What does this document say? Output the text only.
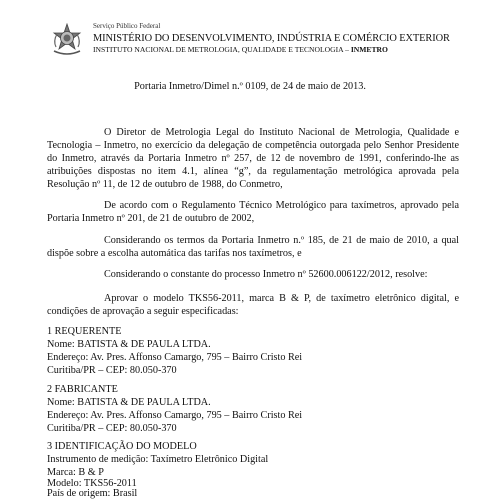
Serviço Público Federal
MINISTÉRIO DO DESENVOLVIMENTO, INDÚSTRIA E COMÉRCIO EXTERIOR
INSTITUTO NACIONAL DE METROLOGIA, QUALIDADE E TECNOLOGIA – INMETRO
Portaria Inmetro/Dimel n.º 0109, de 24 de maio de 2013.

O Diretor de Metrologia Legal do Instituto Nacional de Metrologia, Qualidade e Tecnologia – Inmetro, no exercício da delegação de competência outorgada pelo Senhor Presidente do Inmetro, através da Portaria Inmetro nº 257, de 12 de novembro de 1991, conferindo-lhe as atribuições dispostas no item 4.1, alínea “g”, da regulamentação metrológica aprovada pela Resolução nº 11, de 12 de outubro de 1988, do Conmetro,

De acordo com o Regulamento Técnico Metrológico para taxímetros, aprovado pela Portaria Inmetro nº 201, de 21 de outubro de 2002,

Considerando os termos da Portaria Inmetro n.º 185, de 21 de maio de 2010, a qual dispõe sobre a escolha automática das tarifas nos taxímetros, e

Considerando o constante do processo Inmetro nº 52600.006122/2012, resolve:

Aprovar o modelo TKS56-2011, marca B & P, de taxímetro eletrônico digital, e condições de aprovação a seguir especificadas:

1 REQUERENTE
Nome: BATISTA & DE PAULA LTDA.
Endereço: Av. Pres. Affonso Camargo, 795 – Bairro Cristo Rei
Curitiba/PR – CEP: 80.050-370
2 FABRICANTE
Nome: BATISTA & DE PAULA LTDA.
Endereço: Av. Pres. Affonso Camargo, 795 – Bairro Cristo Rei
Curitiba/PR – CEP: 80.050-370
3 IDENTIFICAÇÃO DO MODELO
Instrumento de medição: Taxímetro Eletrônico Digital
Marca: B & P
Modelo: TKS56-2011
País de origem: Brasil
